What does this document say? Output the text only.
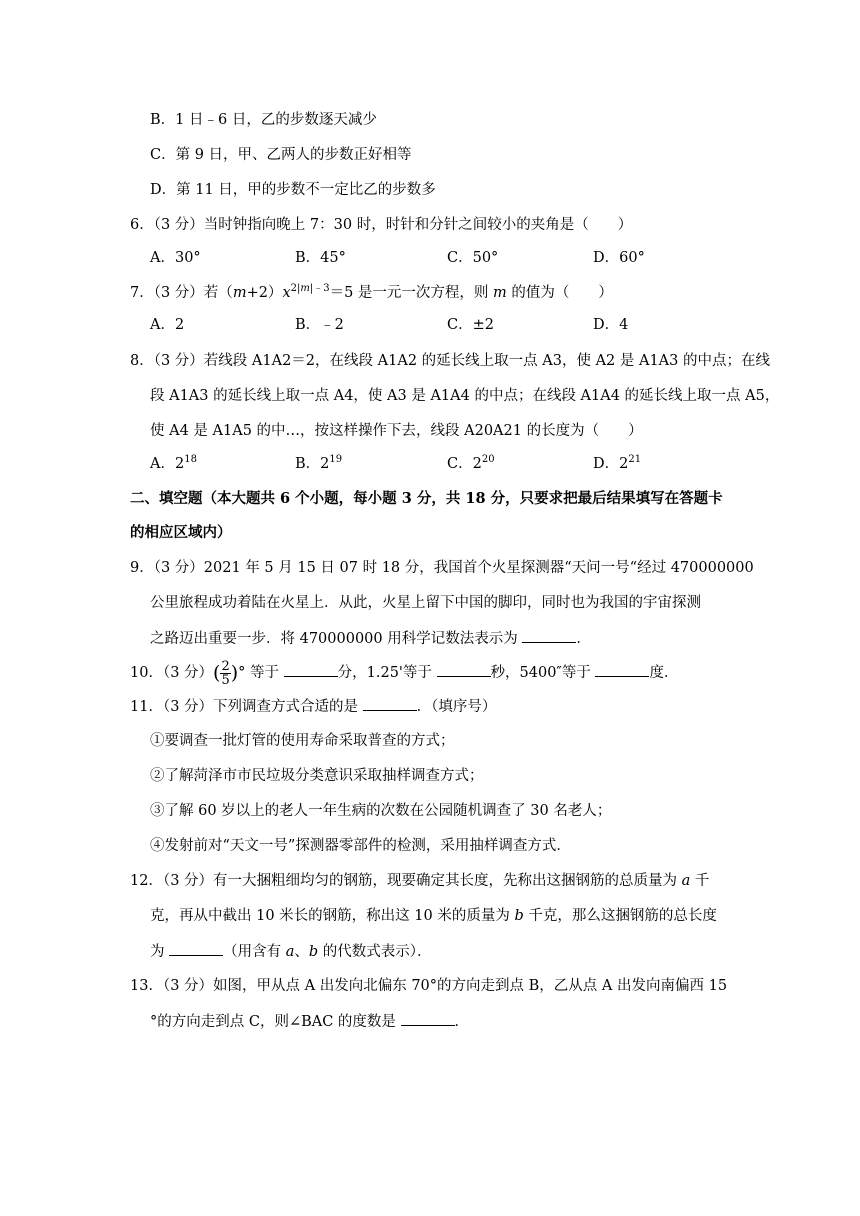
B．1 日﹣6 日，乙的步数逐天减少
C．第 9 日，甲、乙两人的步数正好相等
D．第 11 日，甲的步数不一定比乙的步数多
6．（3 分）当时钟指向晚上 7：30 时，时针和分针之间较小的夹角是（　　）
A．30°	B．45°	C．50°	D．60°
7．（3 分）若$(m+2)x^{2|m|﹣3}=5$ 是一元一次方程，则 m 的值为（　　）
A．2	B．﹣2	C．±2	D．4
8．（3 分）若线段 A1A2＝2，在线段 A1A2 的延长线上取一点 A3，使 A2 是 A1A3 的中点；在线
段 A1A3 的延长线上取一点 A4，使 A3 是 A1A4 的中点；在线段 A1A4 的延长线上取一点 A5，
使 A4 是 A1A5 的中…，按这样操作下去，线段 A20A21 的长度为（　　）
A．$2^{18}$	B．$2^{19}$	C．$2^{20}$	D．$2^{21}$
二、填空题（本大题共 6 个小题，每小题 3 分，共 18 分，只要求把最后结果填写在答题卡
的相应区域内）
9．（3 分）2021 年 5 月 15 日 07 时 18 分，我国首个火星探测器“天问一号“经过 470000000
公里旅程成功着陆在火星上．从此，火星上留下中国的脚印，同时也为我国的宇宙探测
之路迈出重要一步．将 470000000 用科学记数法表示为	．
10．（3 分）( $\frac{2}{5}$ )° 等于	分，1.25'等于	秒，5400″等于	度．
11．（3 分）下列调查方式合适的是	．（填序号）
①要调查一批灯管的使用寿命采取普查的方式；
②了解菏泽市市民垃圾分类意识采取抽样调查方式；
③了解 60 岁以上的老人一年生病的次数在公园随机调查了 30 名老人；
④发射前对“天文一号”探测器零部件的检测，采用抽样调查方式．
12．（3 分）有一大捆粗细均匀的钢筋，现要确定其长度，先称出这捆钢筋的总质量为 a 千
克，再从中截出 10 米长的钢筋，称出这 10 米的质量为 b 千克，那么这捆钢筋的总长度
为	（用含有 a、b 的代数式表示）．
13．（3 分）如图，甲从点 A 出发向北偏东 70°的方向走到点 B，乙从点 A 出发向南偏西 15
°的方向走到点 C，则∠BAC 的度数是	．
